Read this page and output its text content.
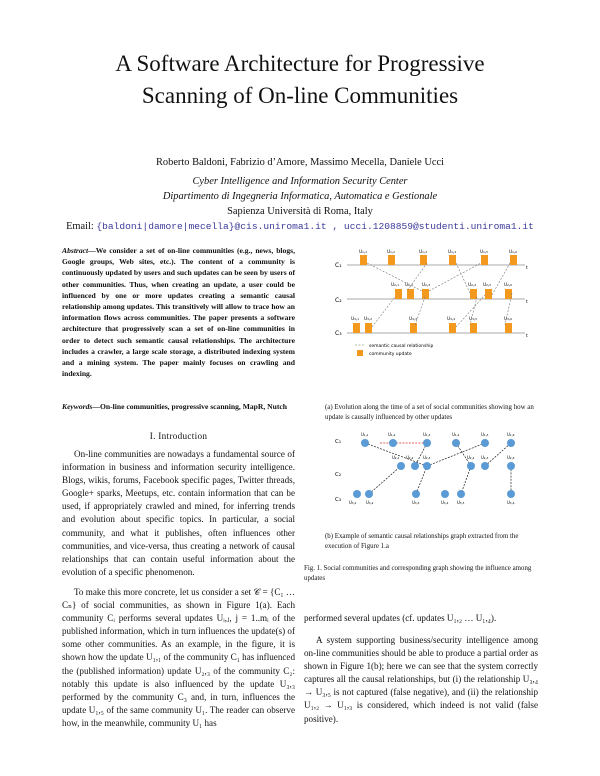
A Software Architecture for Progressive
Scanning of On-line Communities
Roberto Baldoni, Fabrizio d’Amore, Massimo Mecella, Daniele Ucci
Cyber Intelligence and Information Security Center
Dipartimento di Ingegneria Informatica, Automatica e Gestionale
Sapienza Università di Roma, Italy
Email: {baldoni|damore|mecella}@cis.uniroma1.it , ucci.1208859@studenti.uniroma1.it
Abstract—We consider a set of on-line communities (e.g., news, blogs, Google groups, Web sites, etc.). The content of a community is continuously updated by users and such updates can be seen by users of other communities. Thus, when creating an update, a user could be influenced by one or more updates creating a semantic causal relationship among updates. This transitively will allow to trace how an information flows across communities. The paper presents a software architecture that progressively scan a set of on-line communities in order to detect such semantic causal relationships. The architecture includes a crawler, a large scale storage, a distributed indexing system and a mining system. The paper mainly focuses on crawling and indexing.
Keywords—On-line communities, progressive scanning, MapR, Nutch
I. Introduction

On-line communities are nowadays a fundamental source of information in business and information security intelligence. Blogs, wikis, forums, Facebook specific pages, Twitter threads, Google+ sparks, Meetups, etc. contain information that can be used, if appropriately crawled and mined, for inferring trends and evolution about specific topics. In particular, a social community, and what it publishes, often influences other communities, and vice-versa, thus creating a network of causal relationships that can contain useful information about the evolution of a specific phenomenon.

To make this more concrete, let us consider a set 𝒞 = {C₁ … Cₙ} of social communities, as shown in Figure 1(a). Each community Cᵢ performs several updates Uᵢ,ⱼ, j = 1..mᵢ of the published information, which in turn influences the update(s) of some other communities. As an example, in the figure, it is shown how the update U₁,₁ of the community C₁ has influenced the (published information) update U₂,₃ of the community C₂: notably this update is also influenced by the update U₃,₃ performed by the community C₃ and, in turn, influences the update U₁,₅ of the same community U₁. The reader can observe how, in the meanwhile, community U₁ has

C₁
C₂
C₃
t
t
t
U₁,₁	U₁,₂	U₁,₃	U₁,₄	U₁,₅	U₁,₆
U₂,₁ U₂,₂ U₂,₃	U₂,₄ U₂,₅	U₂,₆
U₃,₁ U₃,₂	U₃,₃	U₃,₄	U₃,₅	U₃,₆
semantic causal relationship
community update
(a) Evolution along the time of a set of social communities showing how an update is causally influenced by other updates
C₁
C₂
C₃
U₁,₁	U₁,₂	U₁,₃	U₁,₄	U₁,₅	U₁,₆
U₂,₁ U₂,₂ U₂,₃	U₂,₄ U₂,₅	U₂,₆
U₃,₁ U₃,₂	U₃,₃	U₃,₄ U₃,₅	U₃,₆
(b) Example of semantic causal relationships graph extracted from the execution of Figure 1.a
Fig. 1. Social communities and corresponding graph showing the influence among updates
performed several updates (cf. updates U₁,₂ … U₁,₄).
A system supporting business/security intelligence among on-line communities should be able to produce a partial order as shown in Figure 1(b); here we can see that the system correctly captures all the causal relationships, but (i) the relationship U₃,₄ → U₃,₅ is not captured (false negative), and (ii) the relationship U₁,₂ → U₁,₃ is considered, which indeed is not valid (false positive).
